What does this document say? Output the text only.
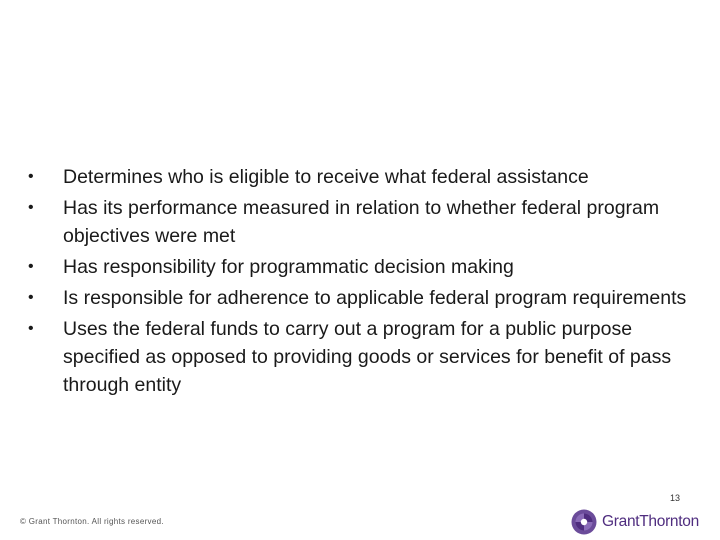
• Determines who is eligible to receive what federal assistance
• Has its performance measured in relation to whether federal program objectives were met
• Has responsibility for programmatic decision making
• Is responsible for adherence to applicable federal program requirements
• Uses the federal funds to carry out a program for a public purpose specified as opposed to providing goods or services for benefit of pass through entity
13
© Grant Thornton. All rights reserved.	GrantThornton
